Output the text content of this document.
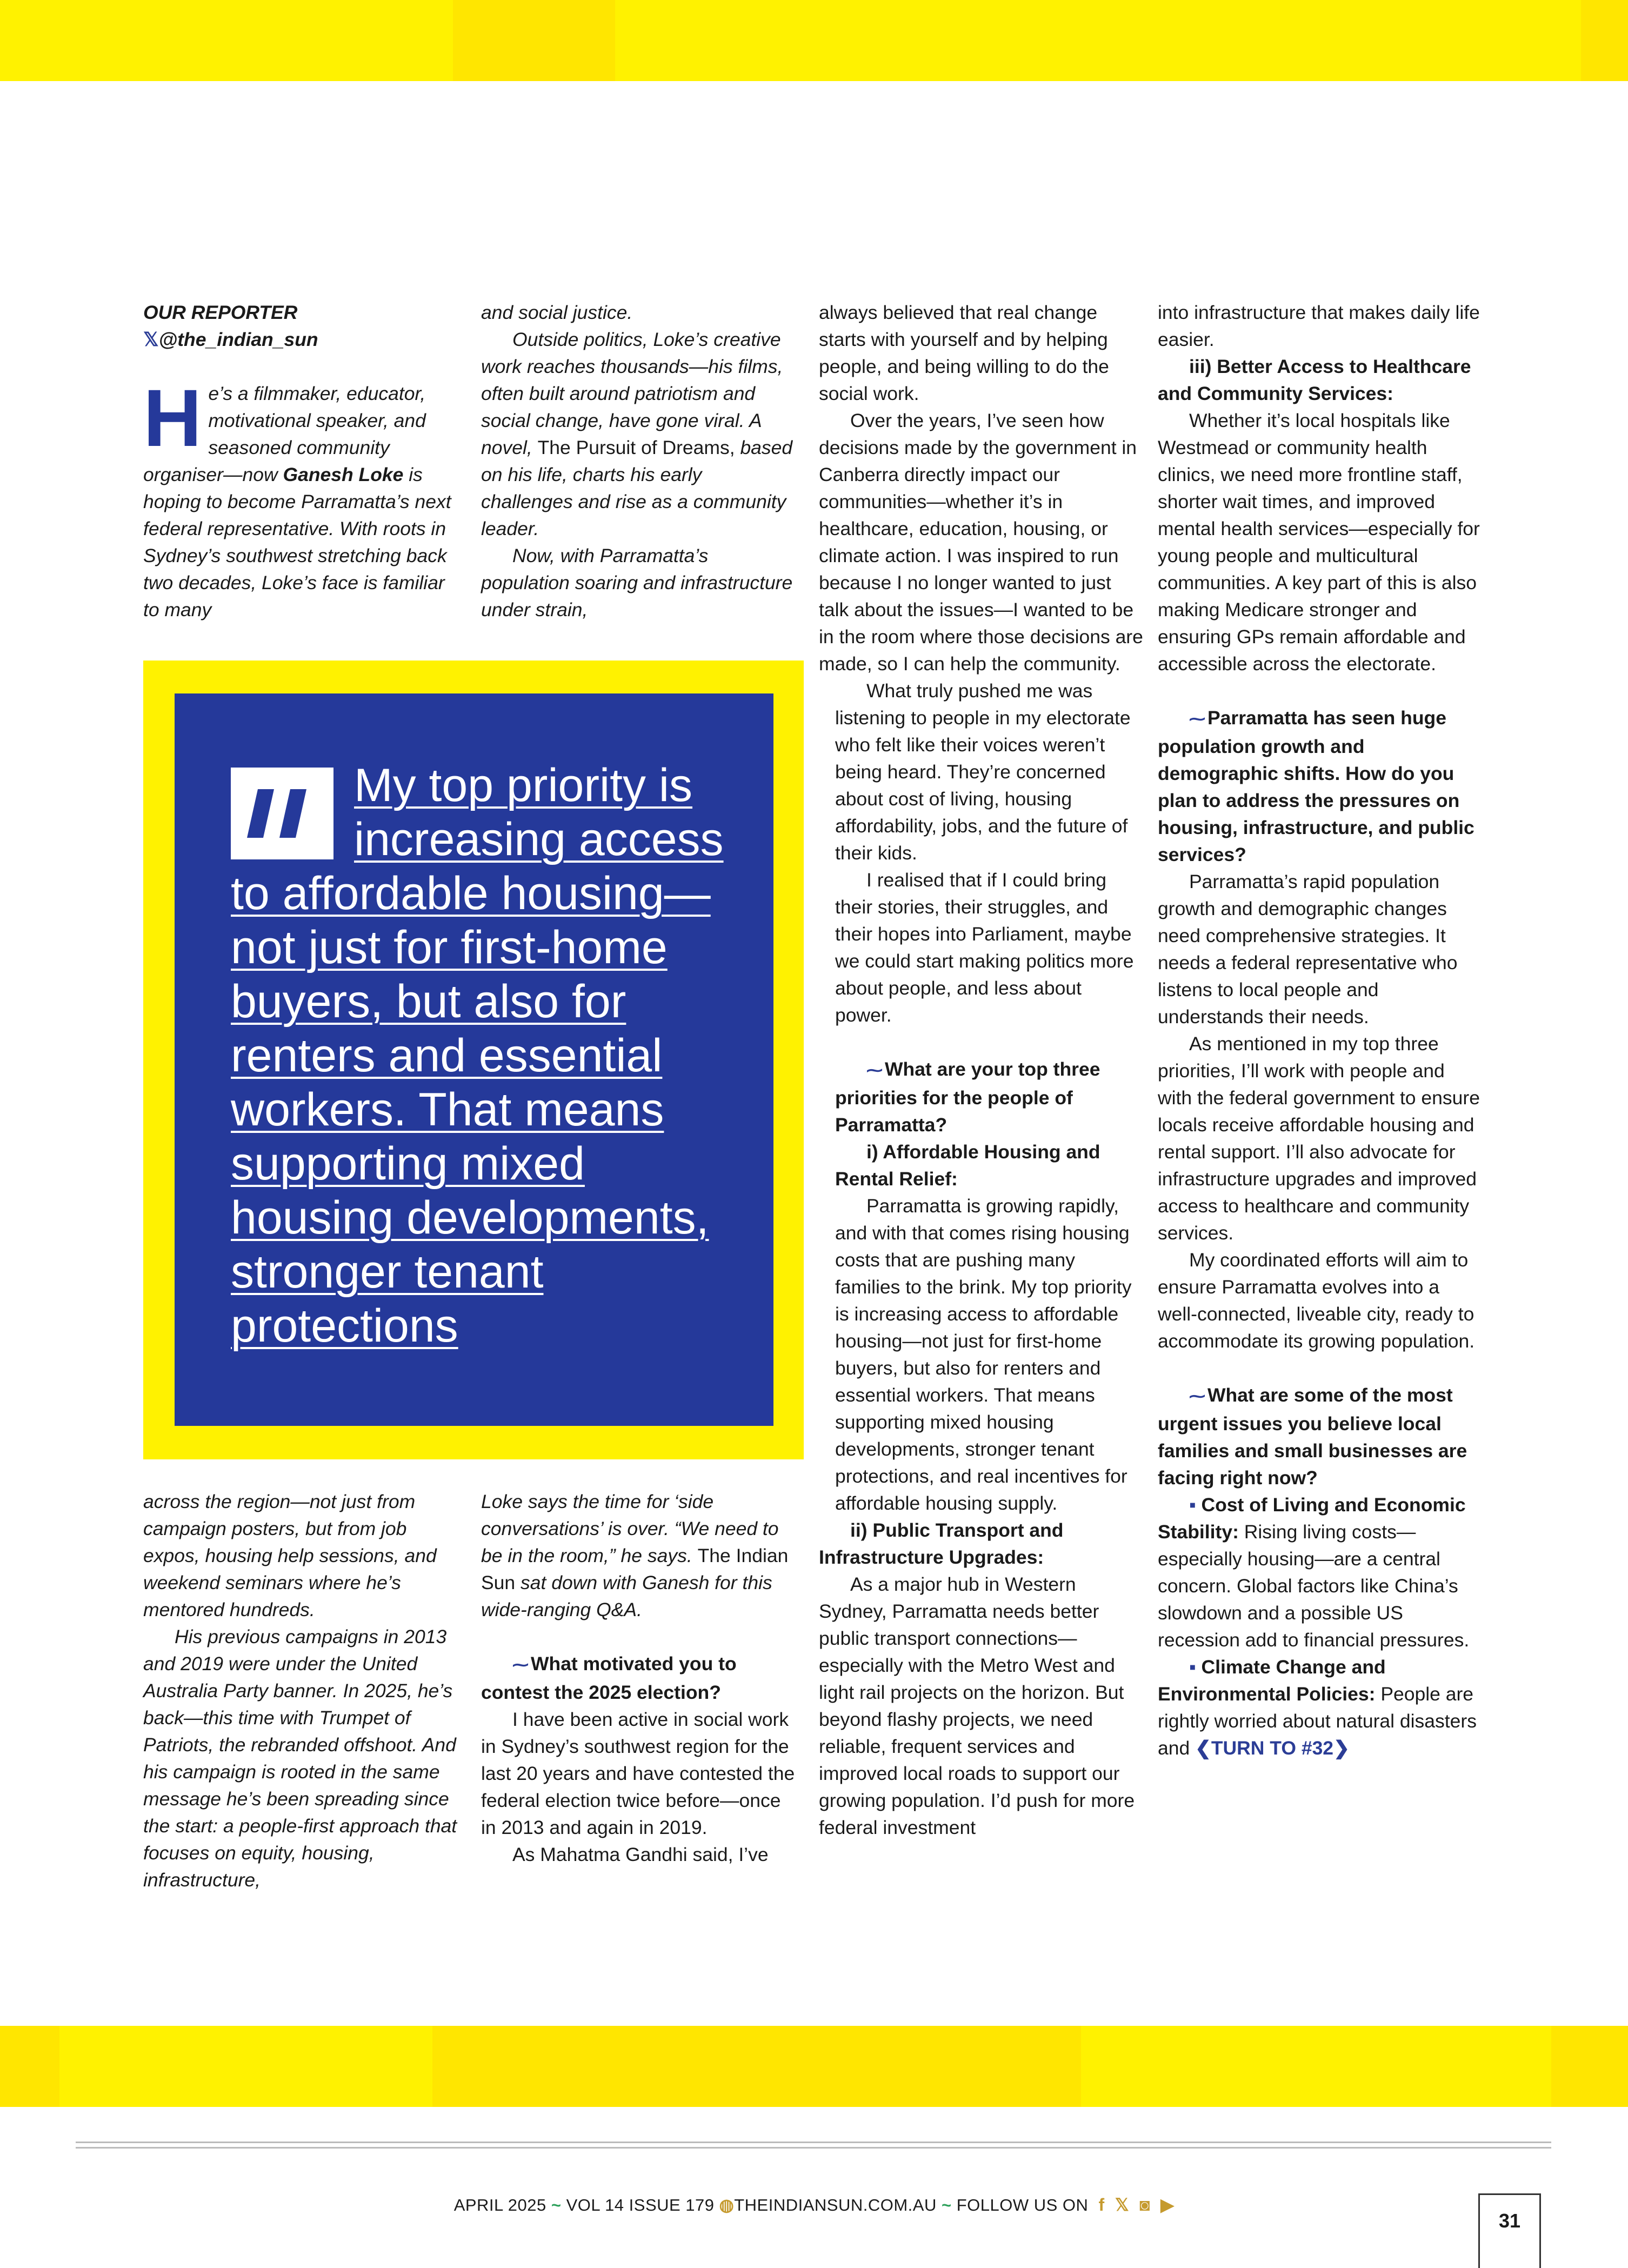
OUR REPORTER

𝕏@the_indian_sun

He’s a filmmaker, educator, motivational speaker, and seasoned community organiser—now Ganesh Loke is hoping to become Parramatta’s next federal representative. With roots in Sydney’s southwest stretching back two decades, Loke’s face is familiar to many

and social justice.

Outside politics, Loke’s creative work reaches thousands—his films, often built around patriotism and social change, have gone viral. A novel, The Pursuit of Dreams, based on his life, charts his early challenges and rise as a community leader.

Now, with Parramatta’s population soaring and infrastructure under strain,

My top priority is increasing access to affordable housing—not just for first-home buyers, but also for renters and essential workers. That means supporting mixed housing developments, stronger tenant protections

across the region—not just from campaign posters, but from job expos, housing help sessions, and weekend seminars where he’s mentored hundreds.

His previous campaigns in 2013 and 2019 were under the United Australia Party banner. In 2025, he’s back—this time with Trumpet of Patriots, the rebranded offshoot. And his campaign is rooted in the same message he’s been spreading since the start: a people-first approach that focuses on equity, housing, infrastructure,

Loke says the time for ‘side conversations’ is over. “We need to be in the room,” he says. The Indian Sun sat down with Ganesh for this wide-ranging Q&A.

⁓ What motivated you to contest the 2025 election?

I have been active in social work in Sydney’s southwest region for the last 20 years and have contested the federal election twice before—once in 2013 and again in 2019.

As Mahatma Gandhi said, I’ve

always believed that real change starts with yourself and by helping people, and being willing to do the social work.

Over the years, I’ve seen how decisions made by the government in Canberra directly impact our communities—whether it’s in healthcare, education, housing, or climate action. I was inspired to run because I no longer wanted to just talk about the issues—I wanted to be in the room where those decisions are made, so I can help the community.

What truly pushed me was listening to people in my electorate who felt like their voices weren’t being heard. They’re concerned about cost of living, housing affordability, jobs, and the future of their kids.

I realised that if I could bring their stories, their struggles, and their hopes into Parliament, maybe we could start making politics more about people, and less about power.

⁓ What are your top three priorities for the people of Parramatta?

i) Affordable Housing and Rental Relief:

Parramatta is growing rapidly, and with that comes rising housing costs that are pushing many families to the brink. My top priority is increasing access to affordable housing—not just for first-home buyers, but also for renters and essential workers. That means supporting mixed housing developments, stronger tenant protections, and real incentives for affordable housing supply.

ii) Public Transport and Infrastructure Upgrades:

As a major hub in Western Sydney, Parramatta needs better public transport connections—especially with the Metro West and light rail projects on the horizon. But beyond flashy projects, we need reliable, frequent services and improved local roads to support our growing population. I’d push for more federal investment

into infrastructure that makes daily life easier.

iii) Better Access to Healthcare and Community Services:

Whether it’s local hospitals like Westmead or community health clinics, we need more frontline staff, shorter wait times, and improved mental health services—especially for young people and multicultural communities. A key part of this is also making Medicare stronger and ensuring GPs remain affordable and accessible across the electorate.

⁓ Parramatta has seen huge population growth and demographic shifts. How do you plan to address the pressures on housing, infrastructure, and public services?

Parramatta’s rapid population growth and demographic changes need comprehensive strategies. It needs a federal representative who listens to local people and understands their needs.

As mentioned in my top three priorities, I’ll work with people and with the federal government to ensure locals receive affordable housing and rental support. I’ll also advocate for infrastructure upgrades and improved access to healthcare and community services.

My coordinated efforts will aim to ensure Parramatta evolves into a well-connected, liveable city, ready to accommodate its growing population.

⁓ What are some of the most urgent issues you believe local families and small businesses are facing right now?

▪ Cost of Living and Economic Stability: Rising living costs—especially housing—are a central concern. Global factors like China’s slowdown and a possible US recession add to financial pressures.

▪ Climate Change and Environmental Policies: People are rightly worried about natural disasters and ❮TURN TO #32❯

APRIL 2025 ~ VOL 14 ISSUE 179 ◍THEINDIANSUN.COM.AU ~ FOLLOW US ON f 𝕏 ◙ ▶
31
